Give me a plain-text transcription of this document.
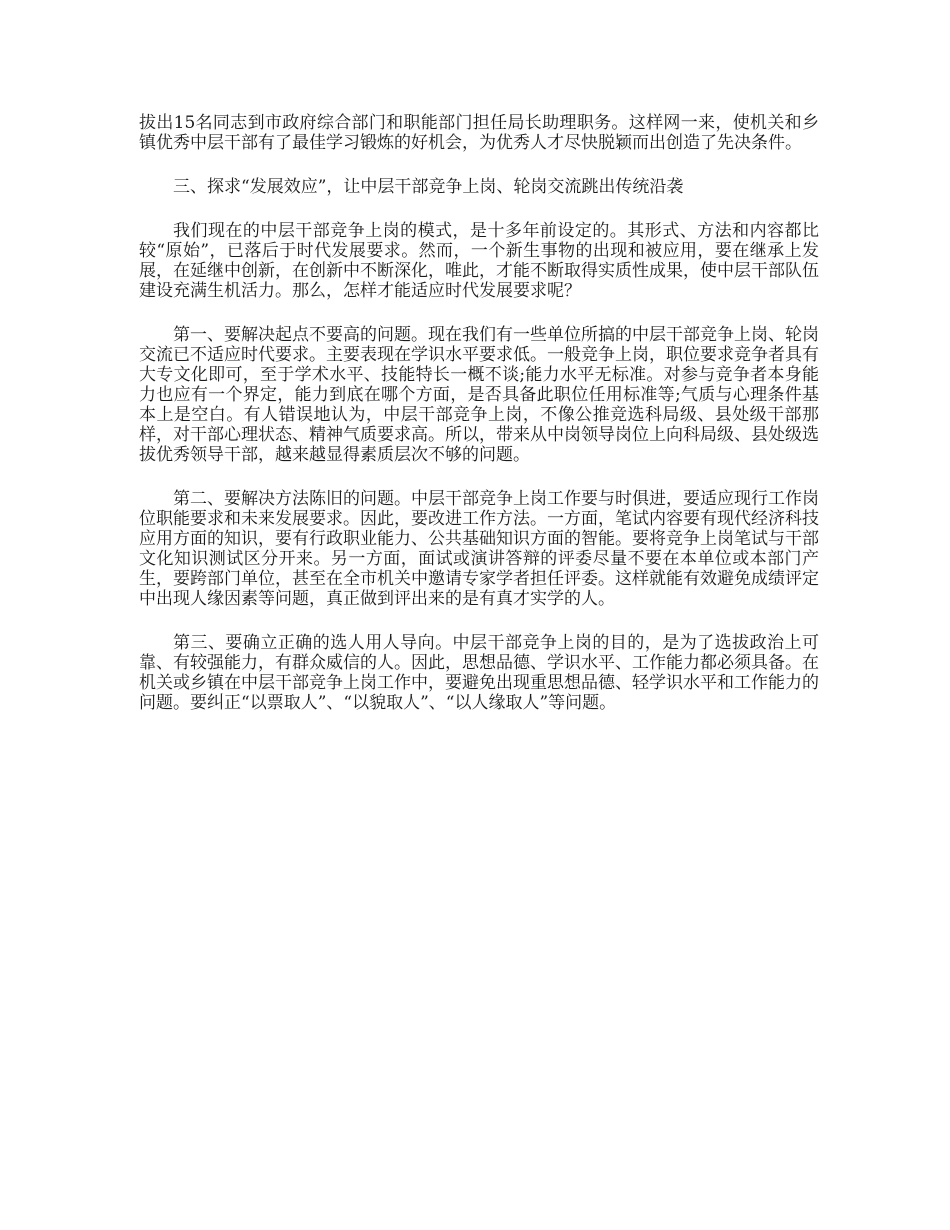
拔出15名同志到市政府综合部门和职能部门担任局长助理职务。这样网一来，使机关和乡镇优秀中层干部有了最佳学习锻炼的好机会，为优秀人才尽快脱颖而出创造了先决条件。

三、探求“发展效应”，让中层干部竞争上岗、轮岗交流跳出传统沿袭

我们现在的中层干部竞争上岗的模式，是十多年前设定的。其形式、方法和内容都比较“原始”，已落后于时代发展要求。然而，一个新生事物的出现和被应用，要在继承上发展，在延继中创新，在创新中不断深化，唯此，才能不断取得实质性成果，使中层干部队伍建设充满生机活力。那么，怎样才能适应时代发展要求呢？

第一、要解决起点不要高的问题。现在我们有一些单位所搞的中层干部竞争上岗、轮岗交流已不适应时代要求。主要表现在学识水平要求低。一般竞争上岗，职位要求竞争者具有大专文化即可，至于学术水平、技能特长一概不谈;能力水平无标准。对参与竞争者本身能力也应有一个界定，能力到底在哪个方面，是否具备此职位任用标准等;气质与心理条件基本上是空白。有人错误地认为，中层干部竞争上岗，不像公推竞选科局级、县处级干部那样，对干部心理状态、精神气质要求高。所以，带来从中岗领导岗位上向科局级、县处级选拔优秀领导干部，越来越显得素质层次不够的问题。

第二、要解决方法陈旧的问题。中层干部竞争上岗工作要与时俱进，要适应现行工作岗位职能要求和未来发展要求。因此，要改进工作方法。一方面，笔试内容要有现代经济科技应用方面的知识，要有行政职业能力、公共基础知识方面的智能。要将竞争上岗笔试与干部文化知识测试区分开来。另一方面，面试或演讲答辩的评委尽量不要在本单位或本部门产生，要跨部门单位，甚至在全市机关中邀请专家学者担任评委。这样就能有效避免成绩评定中出现人缘因素等问题，真正做到评出来的是有真才实学的人。

第三、要确立正确的选人用人导向。中层干部竞争上岗的目的，是为了选拔政治上可靠、有较强能力，有群众威信的人。因此，思想品德、学识水平、工作能力都必须具备。在机关或乡镇在中层干部竞争上岗工作中，要避免出现重思想品德、轻学识水平和工作能力的问题。要纠正“以票取人”、“以貌取人”、“以人缘取人”等问题。
